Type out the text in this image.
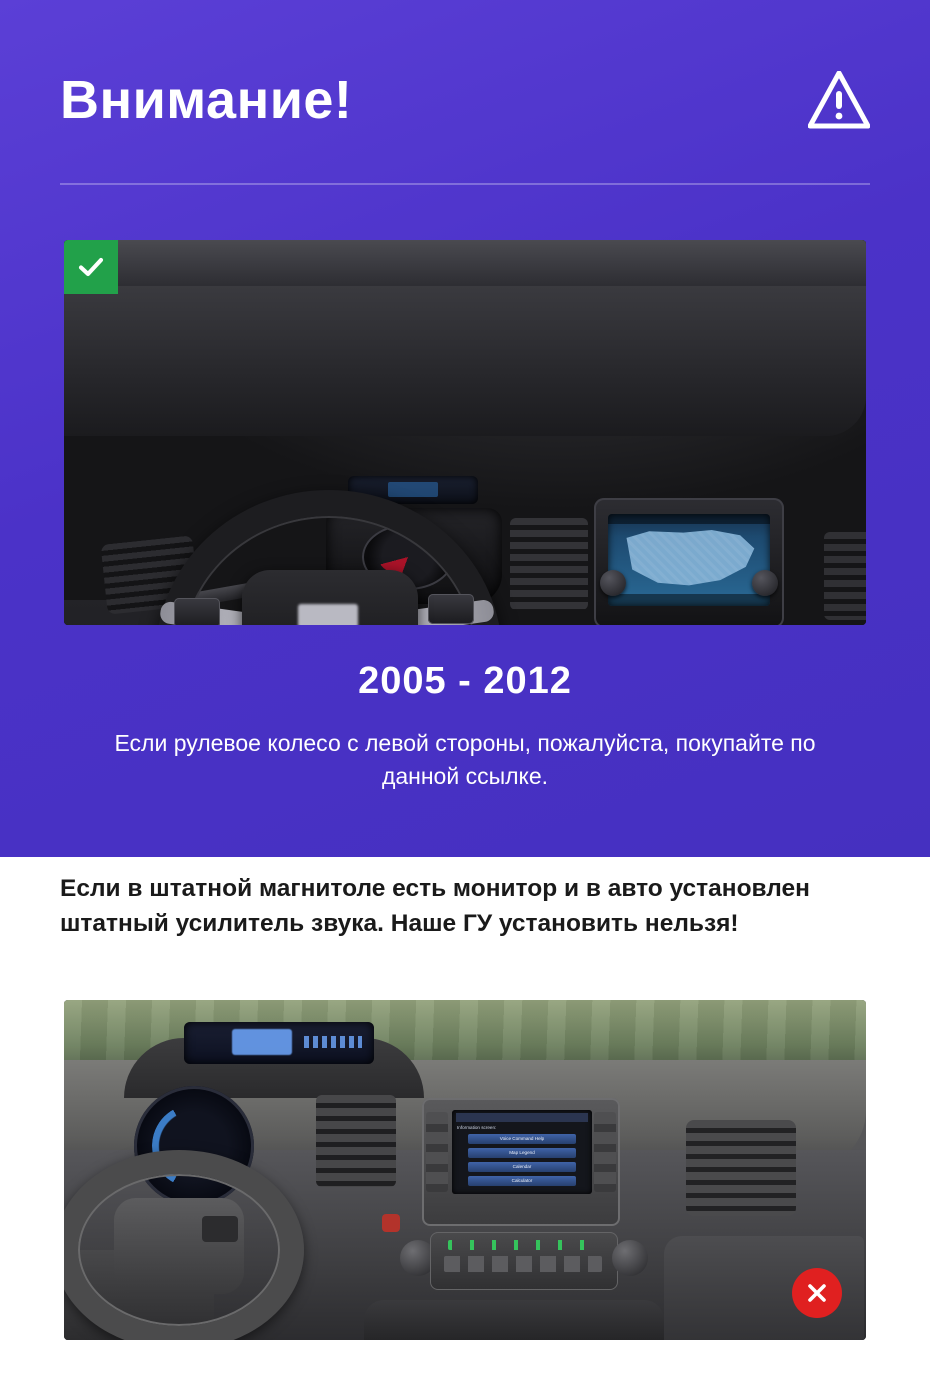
Внимание!
2005 - 2012
Если рулевое колесо с левой стороны, пожалуйста, покупайте по данной ссылке.
Если в штатной магнитоле есть монитор и в авто установлен штатный усилитель звука. Наше ГУ установить нельзя!
Information screen:
Voice Command Help
Map Legend
Calendar
Calculator
